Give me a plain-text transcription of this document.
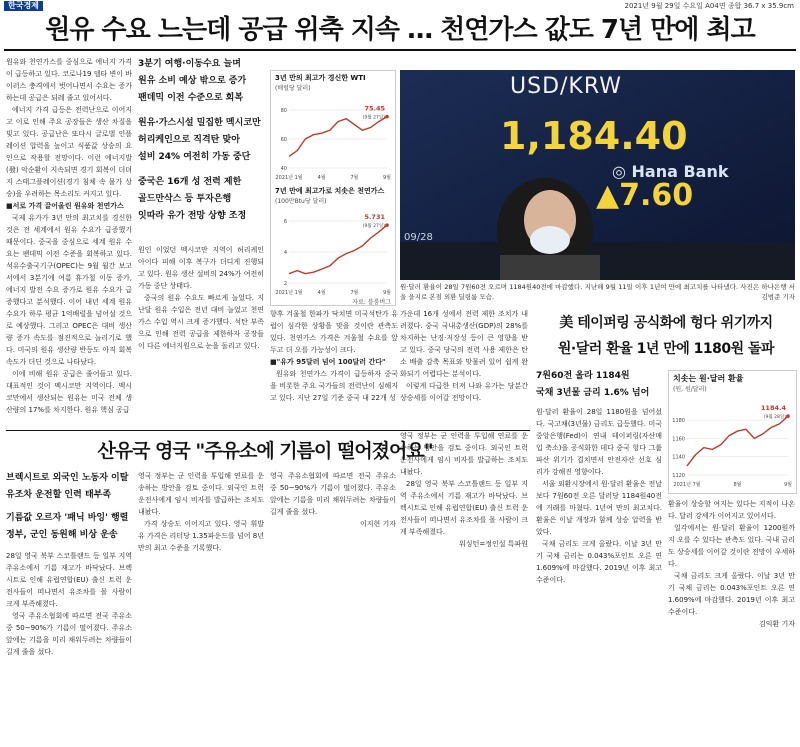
한국경제	2021년 9월 29일 수요일 A04면 종합 36.7 x 35.9cm
원유 수요 느는데 공급 위축 지속 … 천연가스 값도 7년 만에 최고
원유와 천연가스를 중심으로 에너지 가격이 급등하고 있다. 코로나19 델타 변이 바이러스 충격에서 벗어나면서 수요는 증가하는데 공급은 되레 줄고 있어서다.
에너지 가격 급등은 전력난으로 이어지고 이로 인해 주요 공장들은 생산 차질을 빚고 있다. 공급난은 또다시 글로벌 인플레이션 압력을 높이고 식품값 상승의 요인으로 작용할 전망이다. 이런 에너지발(發) 악순환이 지속되면 경기 회복이 더뎌지 스태그플레이션(경기 침체 속 물가 상승)을 우려하는 목소리도 커지고 있다.
■서로 가격 끌어올린 원유와 천연가스
국제 유가가 3년 만의 최고치를 경신한 것은 전 세계에서 원유 수요가 급증했기 때문이다. 중국을 중심으로 세계 원유 수요는 팬데믹 이전 수준을 회복하고 있다. 석유수출국기구(OPEC)는 9월 월간 보고서에서 3분기에 여름 휴가철 이동 증가, 에너지 발전 수요 증가로 원유 수요가 급증했다고 분석했다. 이어 내년 세계 원유 수요가 하루 평균 1억배럴을 넘어설 것으로 예상했다. 그리고 OPEC은 대비 생산량 증가 속도를 점진적으로 늘리기로 했다. 미국의 원유 생산량 반등도 아직 회복 속도가 더딘 것으로 나타났다.
이에 비해 원유 공급은 줄어들고 있다. 대표적인 것이 멕시코만 지역이다. 멕시코만에서 생산되는 원유는 미국 전체 생산량의 17%를 차지한다. 원유 핵심 공급
3분기 여행·이동수요 늘며
원유 소비 예상 밖으로 증가
팬데믹 이전 수준으로 회복
원유·가스시설 밀집한 멕시코만
허리케인으로 직격탄 맞아
설비 24% 여전히 가동 중단
중국은 16개 성 전력 제한
골드만삭스 등 투자은행
잇따라 유가 전망 상향 조정
원인 이었던 멕시코만 지역이 허리케인 아이다 피해 이후 복구가 더디게 진행되고 있다. 원유 생산 설비의 24%가 여전히 가동 중단 상태다.
중국의 원유 수요도 빠르게 늘었다. 지난달 원유 수입은 전년 대비 늘었고 천연가스 수입 역시 크게 증가했다. 석탄 부족으로 인해 전력 공급을 제한하자 공장들이 다른 에너지원으로 눈을 돌리고 있다.
3년 만의 최고가 경신한 WTI
(배럴당 달러)
80
60
40
2021년 1월	4월	7월	9월
75.45
(9월 27일)
7년 만에 최고가로 치솟은 천연가스
(100만Btu당 달러)
6
4
2
2021년 1월	4월	7월	9월
5.731
(9월 27일)
자료: 블룸버그
향후 겨울철 한파가 닥치면 미국석탄가 유럽이 심각한 상황을 맞을 것이란 관측도 있다. 천연가스 가격은 겨울철 수요를 앞두고 더 오를 가능성이 크다.
■"유가 95달러 넘어 100달러 간다"
원유와 천연가스 가격이 급등하자 중국을 비롯한 주요 국가들의 전력난이 심해지고 있다. 지난 27일 기준 중국 내 22개 성
가운데 16개 성에서 전력 제한 조치가 내려졌다. 중국 국내총생산(GDP)의 28%를 차지하는 난징·저장성 등이 큰 영향을 받고 있다. 중국 당국의 전력 사용 제한은 탄소 배출 감축 목표와 맞물려 있어 쉽게 완화되기 어렵다는 분석이다.
이렇게 다급한 터져 나와 유가는 당분간 상승세를 이어갈 전망이다.
USD/KRW
1,184.40
◎ Hana Bank
▲7.60
09/28
원·달러 환율이 28일 7원60전 오르며 1184원40전에 마감했다. 지난해 9월 11일 이후 1년여 만에 최고치를 나타냈다. 사진은 하나은행 서울 을지로 본점 외환 딜링룸 모습.	김범준 기자
산유국 영국 "주유소에 기름이 떨어졌어요"
브렉시트로 외국인 노동자 이탈
유조차 운전할 인력 태부족
기름값 오르자 '패닉 바잉' 행렬
정부, 군인 동원해 비상 운송
28일 영국 북부 스코틀랜드 등 일부 지역 주유소에서 기름 재고가 바닥났다. 브렉시트로 인해 유럽연합(EU) 출신 트럭 운전사들이 떠나면서 유조차를 몰 사람이 크게 부족해졌다.
영국 주유소협회에 따르면 전국 주유소 중 50~90%가 기름이 떨어졌다. 주유소 앞에는 기름을 미리 채워두려는 차량들이 길게 줄을 섰다.
영국 정부는 군 인력을 투입해 연료를 운송하는 방안을 검토 중이다. 외국인 트럭 운전사에게 임시 비자를 발급하는 조치도 내놨다.
가격 상승도 이어지고 있다. 영국 휘발유 가격은 리터당 1.35파운드를 넘어 8년 만의 최고 수준을 기록했다.
영국 주유소협회에 따르면 전국 주유소 중 50~90%가 기름이 떨어졌다. 주유소 앞에는 기름을 미리 채워두려는 차량들이 길게 줄을 섰다.
이지현 기자
영국 정부는 군 인력을 투입해 연료를 운송하는 방안을 검토 중이다. 외국인 트럭 운전사에게 임시 비자를 발급하는 조치도 내놨다.
28일 영국 북부 스코틀랜드 등 일부 지역 주유소에서 기름 재고가 바닥났다. 브렉시트로 인해 유럽연합(EU) 출신 트럭 운전사들이 떠나면서 유조차를 몰 사람이 크게 부족해졌다.
워싱턴=정인설 특파원
美 테이퍼링 공식화에 헝다 위기까지
원·달러 환율 1년 만에 1180원 돌파
7원60전 올라 1184원
국채 3년물 금리 1.6% 넘어
원·달러 환율이 28일 1180원을 넘어섰다. 국고채(3년물) 금리도 급등했다. 미국 중앙은행(Fed)이 연내 테이퍼링(자산매입 축소)을 공식화한 데다 중국 헝다 그룹 파산 위기가 겹치면서 안전자산 선호 심리가 강해진 영향이다.
서울 외환시장에서 원·달러 환율은 전날보다 7원60전 오른 달러당 1184원40전에 거래를 마쳤다. 1년여 만의 최고치다. 환율은 이날 개장과 함께 상승 압력을 받았다.
국채 금리도 크게 올랐다. 이날 3년 만기 국채 금리는 0.043%포인트 오른 연 1.609%에 마감했다. 2019년 이후 최고 수준이다.
치솟는 원·달러 환율
(원, 원/달러)
1180
1160
1140
1120
2021년 7월	8월	9월
1184.4
(9월 28일)
환율이 상승할 여지는 있다는 지적이 나온다. 달러 강세가 이어지고 있어서다.
일각에서는 원·달러 환율이 1200원까지 오를 수 있다는 관측도 있다. 국내 금리도 상승세를 이어갈 것이란 전망이 우세하다.
국채 금리도 크게 올랐다. 이날 3년 만기 국채 금리는 0.043%포인트 오른 연 1.609%에 마감했다. 2019년 이후 최고 수준이다.
김익환 기자
